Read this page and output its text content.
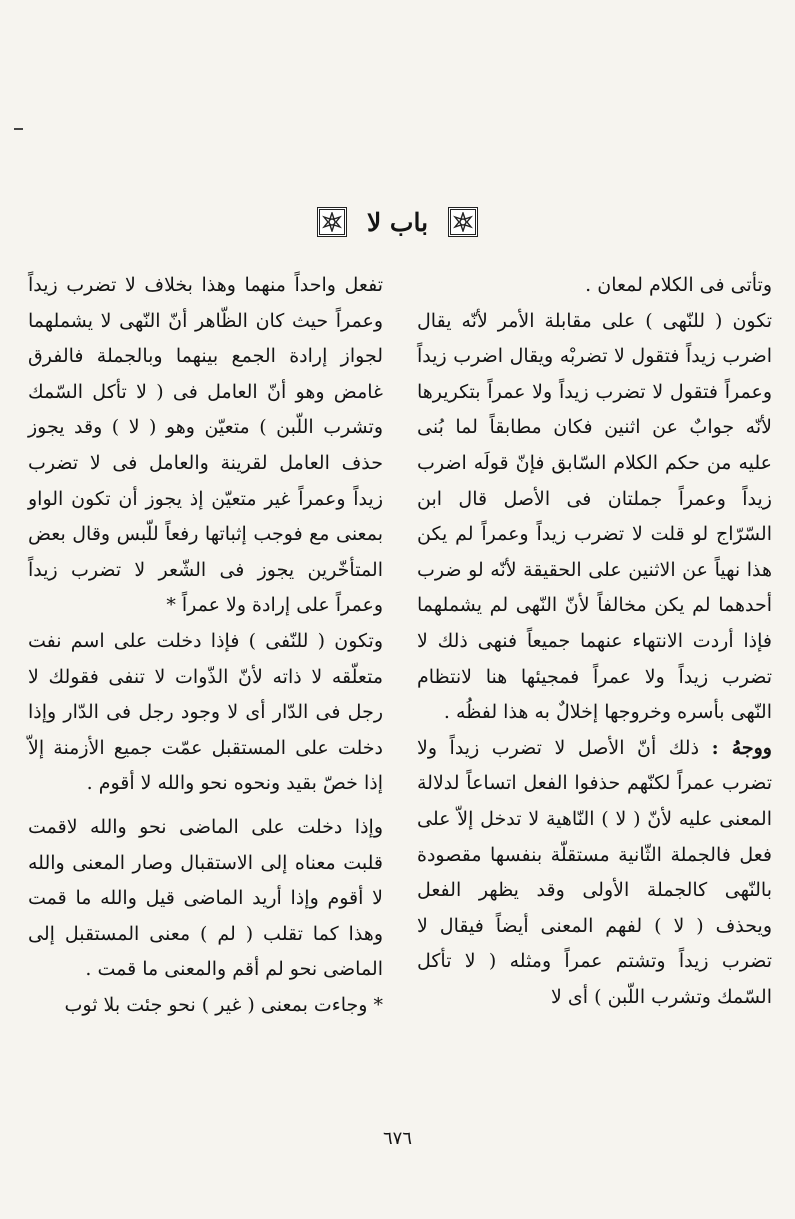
باب لا

وتأتى فى الكلام لمعان .

تكون ( للنّهى ) على مقابلة الأمر لأنّه يقال اضرب زيداً فتقول لا تضربْه ويقال اضرب زيداً وعمراً فتقول لا تضرب زيداً ولا عمراً بتكريرها لأنّه جوابٌ عن اثنين فكان مطابقاً لما بُنى عليه من حكم الكلام السّابق فإنّ قولَه اضرب زيداً وعمراً جملتان فى الأصل قال ابن السّرّاج لو قلت لا تضرب زيداً وعمراً لم يكن هذا نهياً عن الاثنين على الحقيقة لأنّه لو ضرب أحدهما لم يكن مخالفاً لأنّ النّهى لم يشملهما فإذا أردت الانتهاء عنهما جميعاً فنهى ذلك لا تضرب زيداً ولا عمراً فمجيئها هنا لانتظام النّهى بأسره وخروجها إخلالٌ به هذا لفظُه .

ووجهُ : ذلك أنّ الأصل لا تضرب زيداً ولا تضرب عمراً لكنّهم حذفوا الفعل اتساعاً لدلالة المعنى عليه لأنّ ( لا ) النّاهية لا تدخل إلاّ على فعل فالجملة الثّانية مستقلّة بنفسها مقصودة بالنّهى كالجملة الأولى وقد يظهر الفعل ويحذف ( لا ) لفهم المعنى أيضاً فيقال لا تضرب زيداً وتشتم عمراً ومثله ( لا تأكل السّمك وتشرب اللّبن ) أى لا

تفعل واحداً منهما وهذا بخلاف لا تضرب زيداً وعمراً حيث كان الظّاهر أنّ النّهى لا يشملهما لجواز إرادة الجمع بينهما وبالجملة فالفرق غامض وهو أنّ العامل فى ( لا تأكل السّمك وتشرب اللّبن ) متعيّن وهو ( لا ) وقد يجوز حذف العامل لقرينة والعامل فى لا تضرب زيداً وعمراً غير متعيّن إذ يجوز أن تكون الواو بمعنى مع فوجب إثباتها رفعاً للّبس وقال بعض المتأخّرين يجوز فى الشّعر لا تضرب زيداً وعمراً على إرادة ولا عمراً *

وتكون ( للنّفى ) فإذا دخلت على اسم نفت متعلّقه لا ذاته لأنّ الذّوات لا تنفى فقولك لا رجل فى الدّار أى لا وجود رجل فى الدّار وإذا دخلت على المستقبل عمّت جميع الأزمنة إلاّ إذا خصّ بقيد ونحوه نحو والله لا أقوم .

وإذا دخلت على الماضى نحو والله لاقمت قلبت معناه إلى الاستقبال وصار المعنى والله لا أقوم وإذا أريد الماضى قيل والله ما قمت وهذا كما تقلب ( لم ) معنى المستقبل إلى الماضى نحو لم أقم والمعنى ما قمت .

* وجاءت بمعنى ( غير ) نحو جئت بلا ثوب

٦٧٦
